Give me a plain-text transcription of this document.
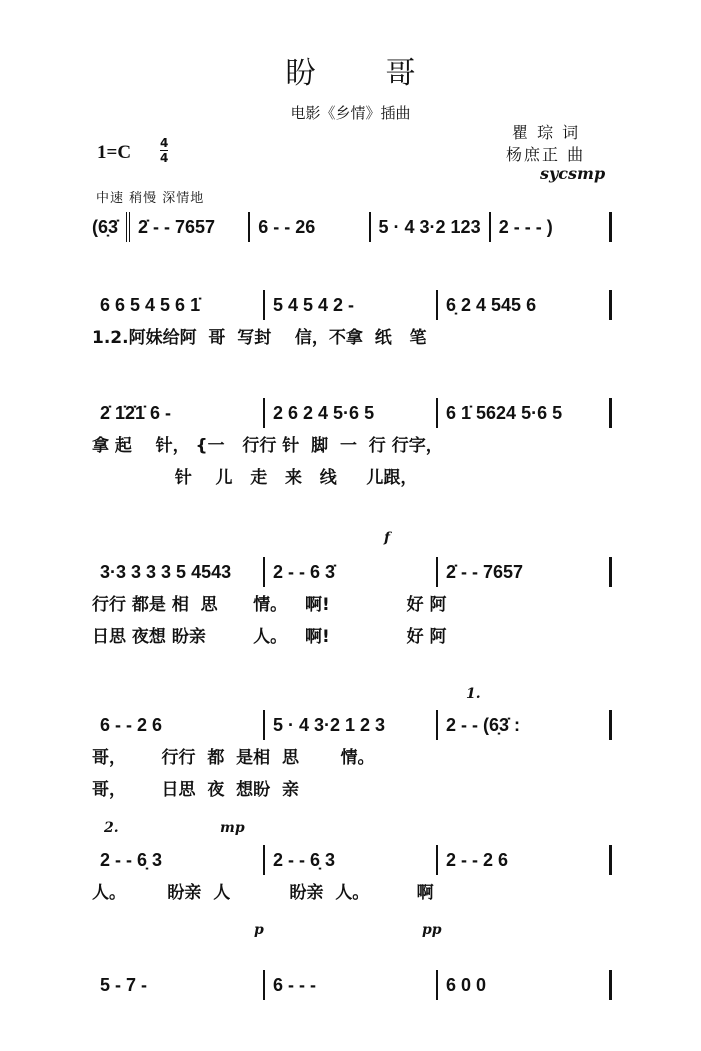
盼哥
电影《乡情》插曲
1=C 4
4
瞿 琮 词
杨庶正 曲
sycsmp
中速 稍慢 深情地
(6̣3̇	2̇ - - 7657	6 - - 26	5 · 4 3·2 123	2 - - - )
6 6 5 4 5 6 1̇	5 4 5 4 2 -	6̣ 2 4 545 6
1.2.阿妹给阿  哥  写封    信，不拿  纸   笔
2̇ 1̇2̇1̇ 6 -	2 6 2 4 5·6 5	6 1̇ 5624 5·6 5
拿 起    针， {一   行行 针  脚  一  行 行字，
针    儿   走   来   线     儿跟，
3·3 3 3 3 5 4543	2 - - 6 3̇	2̇ - - 7657
行行 都是 相  思      情。   啊!             好 阿
日思 夜想 盼亲        人。   啊!             好 阿
6 - - 2 6	5 · 4 3·2 1 2 3	2 - - (6̣3̇ :
哥，      行行  都  是相  思       情。
哥，      日思  夜  想盼  亲
2 - - 6̣ 3	2 - - 6̣ 3	2 - - 2 6
人。       盼亲  人          盼亲  人。        啊
5 - 7 -	6 - - -	6 0 0
f
1.
2.	mp
p	pp
